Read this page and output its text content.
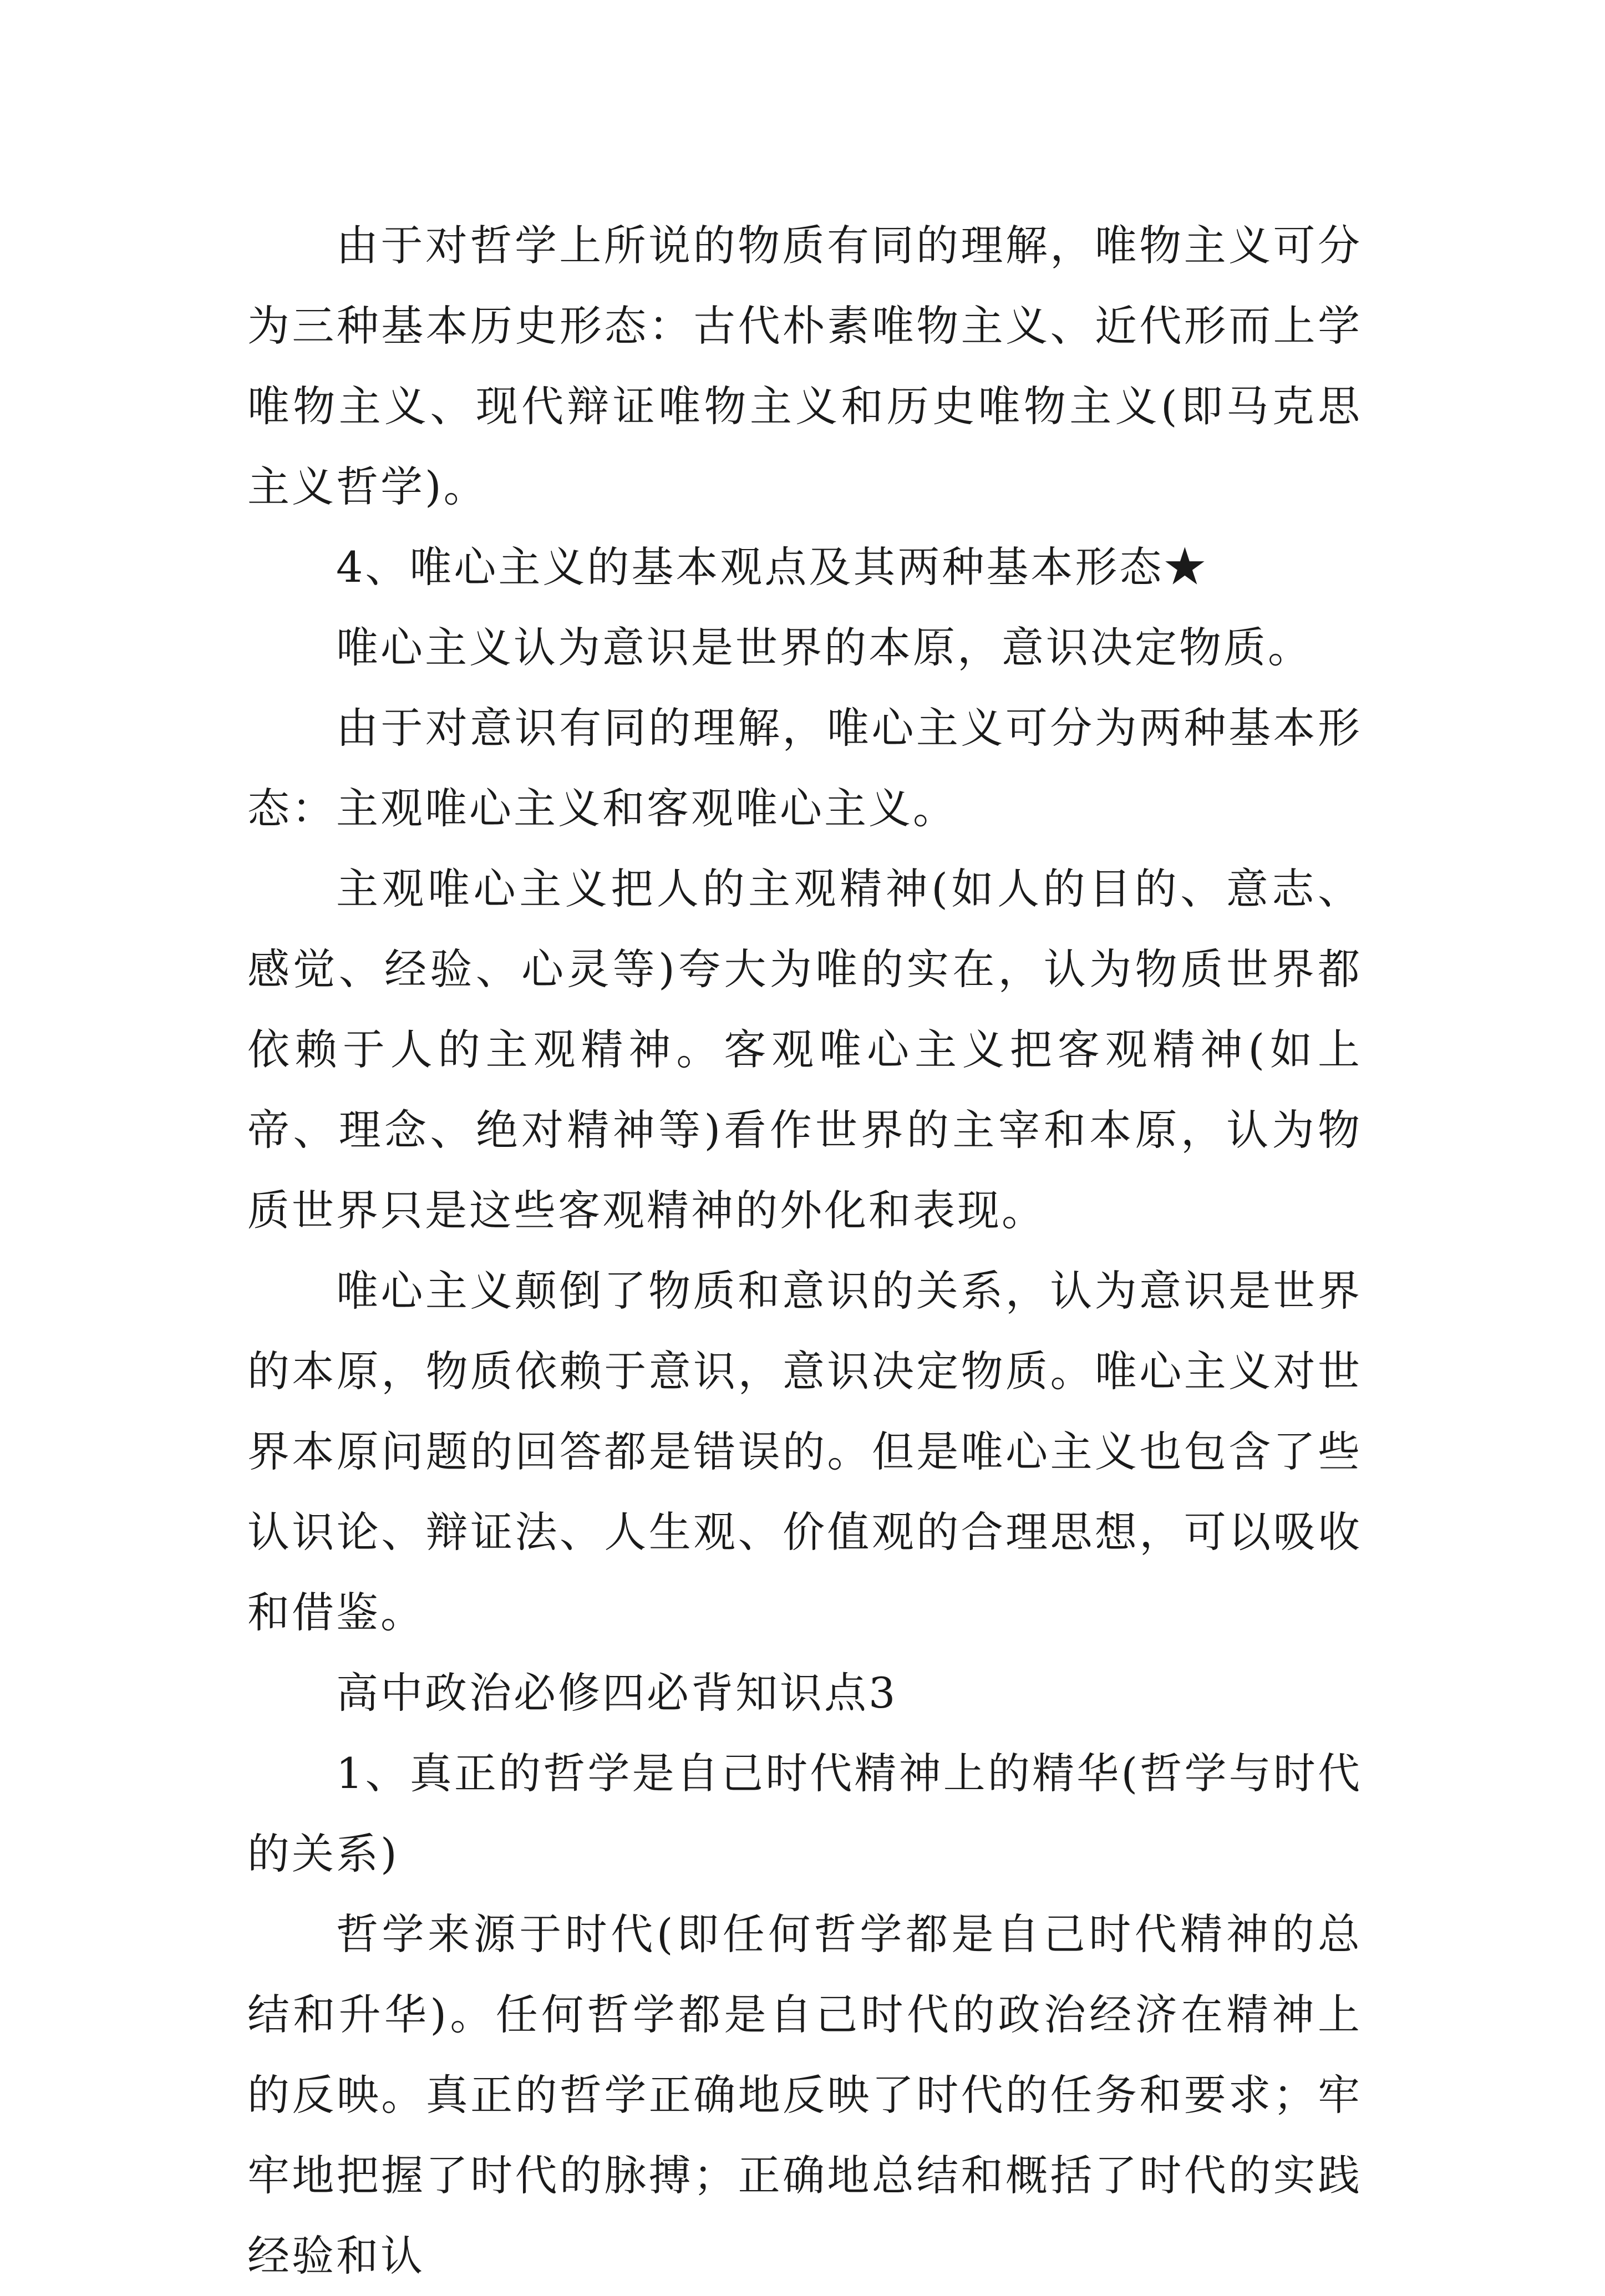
由于对哲学上所说的物质有同的理解，唯物主义可分为三种基本历史形态：古代朴素唯物主义、近代形而上学唯物主义、现代辩证唯物主义和历史唯物主义(即马克思主义哲学)。

4、唯心主义的基本观点及其两种基本形态★

唯心主义认为意识是世界的本原，意识决定物质。

由于对意识有同的理解，唯心主义可分为两种基本形态：主观唯心主义和客观唯心主义。

主观唯心主义把人的主观精神(如人的目的、意志、感觉、经验、心灵等)夸大为唯的实在，认为物质世界都依赖于人的主观精神。客观唯心主义把客观精神(如上帝、理念、绝对精神等)看作世界的主宰和本原，认为物质世界只是这些客观精神的外化和表现。

唯心主义颠倒了物质和意识的关系，认为意识是世界的本原，物质依赖于意识，意识决定物质。唯心主义对世界本原问题的回答都是错误的。但是唯心主义也包含了些认识论、辩证法、人生观、价值观的合理思想，可以吸收和借鉴。

高中政治必修四必背知识点3

1、真正的哲学是自己时代精神上的精华(哲学与时代的关系)

哲学来源于时代(即任何哲学都是自己时代精神的总结和升华)。任何哲学都是自己时代的政治经济在精神上的反映。真正的哲学正确地反映了时代的任务和要求；牢牢地把握了时代的脉搏；正确地总结和概括了时代的实践经验和认
